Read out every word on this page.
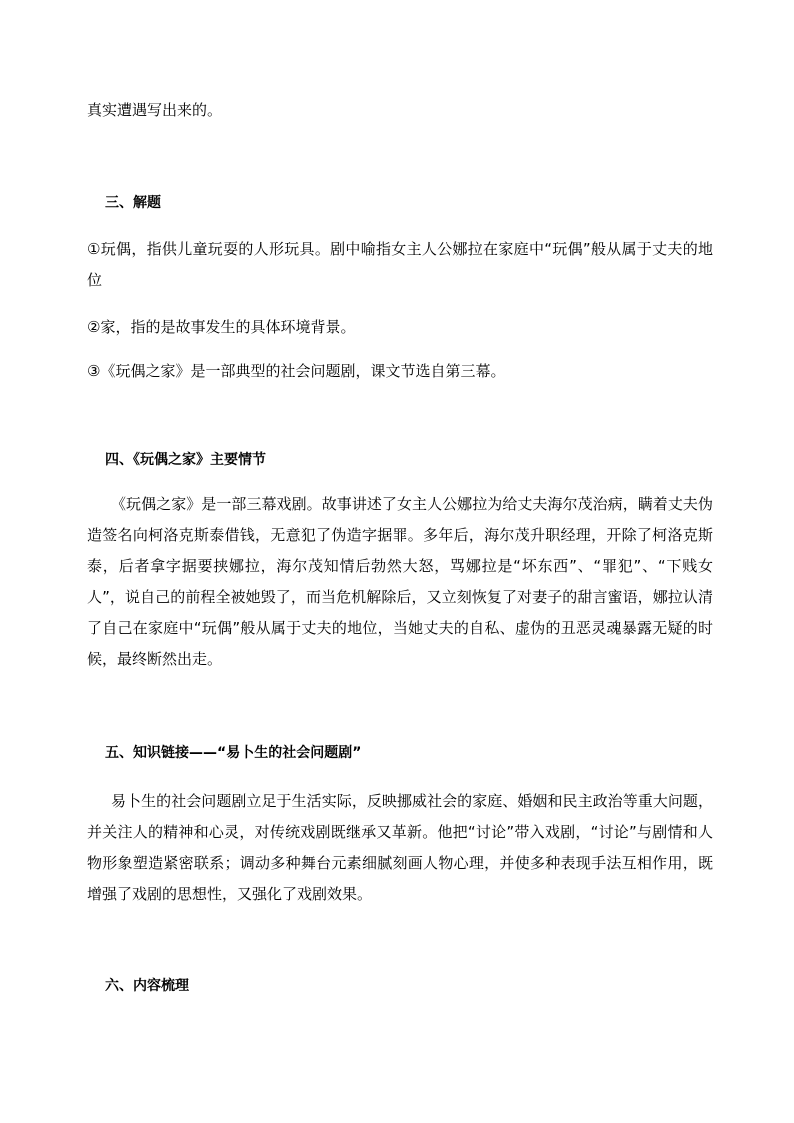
真实遭遇写出来的。
三、解题
①玩偶，指供儿童玩耍的人形玩具。剧中喻指女主人公娜拉在家庭中“玩偶”般从属于丈夫的地位
②家，指的是故事发生的具体环境背景。
③《玩偶之家》是一部典型的社会问题剧，课文节选自第三幕。
四、《玩偶之家》主要情节
《玩偶之家》是一部三幕戏剧。故事讲述了女主人公娜拉为给丈夫海尔茂治病，瞒着丈夫伪造签名向柯洛克斯泰借钱，无意犯了伪造字据罪。多年后，海尔茂升职经理，开除了柯洛克斯泰，后者拿字据要挟娜拉，海尔茂知情后勃然大怒，骂娜拉是“坏东西”、“罪犯”、“下贱女人”，说自己的前程全被她毁了，而当危机解除后，又立刻恢复了对妻子的甜言蜜语，娜拉认清了自己在家庭中“玩偶”般从属于丈夫的地位，当她丈夫的自私、虚伪的丑恶灵魂暴露无疑的时候，最终断然出走。
五、知识链接——“易卜生的社会问题剧”
易卜生的社会问题剧立足于生活实际，反映挪威社会的家庭、婚姻和民主政治等重大问题，并关注人的精神和心灵，对传统戏剧既继承又革新。他把“讨论”带入戏剧，“讨论”与剧情和人物形象塑造紧密联系；调动多种舞台元素细腻刻画人物心理，并使多种表现手法互相作用，既增强了戏剧的思想性，又强化了戏剧效果。
六、内容梳理
